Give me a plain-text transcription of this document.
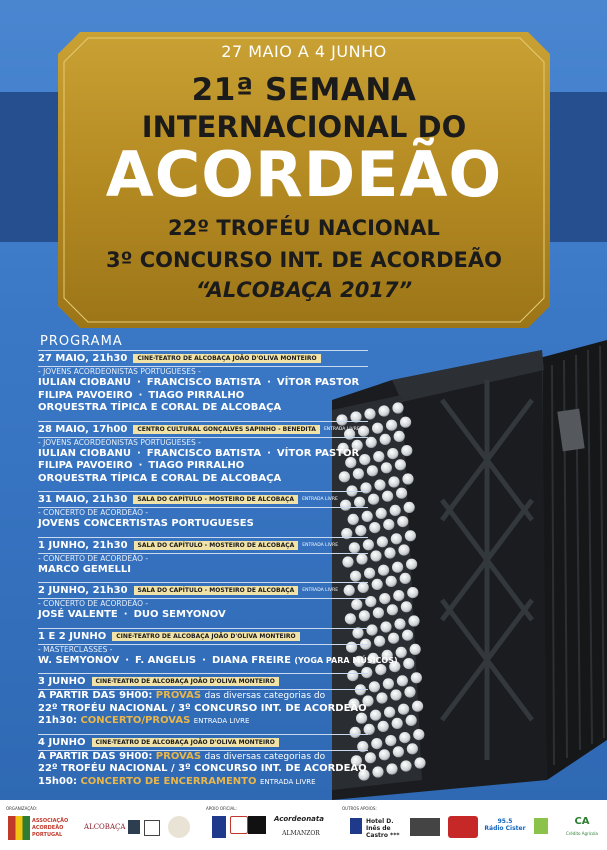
27 MAIO A 4 JUNHO
21ª SEMANA
INTERNACIONAL DO
ACORDEÃO
22º TROFÉU NACIONAL
3º CONCURSO INT. DE ACORDEÃO
“ALCOBAÇA 2017”
PROGRAMA
27 MAIO, 21h30	CINE-TEATRO DE ALCOBAÇA JOÃO D'OLIVA MONTEIRO
- JOVENS ACORDEONISTAS PORTUGUESES -
IULIAN CIOBANU · FRANCISCO BATISTA · VÍTOR PASTOR
FILIPA PAVOEIRO · TIAGO PIRRALHO
ORQUESTRA TÍPICA E CORAL DE ALCOBAÇA
28 MAIO, 17h00	CENTRO CULTURAL GONÇALVES SAPINHO - BENEDITA	ENTRADA LIVRE
- JOVENS ACORDEONISTAS PORTUGUESES -
IULIAN CIOBANU · FRANCISCO BATISTA · VÍTOR PASTOR
FILIPA PAVOEIRO · TIAGO PIRRALHO
ORQUESTRA TÍPICA E CORAL DE ALCOBAÇA
31 MAIO, 21h30	SALA DO CAPÍTULO - MOSTEIRO DE ALCOBAÇA	ENTRADA LIVRE
- CONCERTO DE ACORDEÃO -
JOVENS CONCERTISTAS PORTUGUESES
1 JUNHO, 21h30	SALA DO CAPÍTULO - MOSTEIRO DE ALCOBAÇA	ENTRADA LIVRE
- CONCERTO DE ACORDEÃO -
MARCO GEMELLI
2 JUNHO, 21h30	SALA DO CAPÍTULO - MOSTEIRO DE ALCOBAÇA	ENTRADA LIVRE
- CONCERTO DE ACORDEÃO -
JOSÉ VALENTE · DUO SEMYONOV
1 E 2 JUNHO	CINE-TEATRO DE ALCOBAÇA JOÃO D'OLIVA MONTEIRO
- MASTERCLASSES -
W. SEMYONOV · F. ANGELIS · DIANA FREIRE (YOGA PARA MÚSICOS)
3 JUNHO	CINE-TEATRO DE ALCOBAÇA JOÃO D'OLIVA MONTEIRO
A PARTIR DAS 9H00: PROVAS das diversas categorias do
22º TROFÉU NACIONAL / 3º CONCURSO INT. DE ACORDEÃO
21h30: CONCERTO/PROVAS ENTRADA LIVRE
4 JUNHO	CINE-TEATRO DE ALCOBAÇA JOÃO D'OLIVA MONTEIRO
A PARTIR DAS 9H00: PROVAS das diversas categorias do
22º TROFÉU NACIONAL / 3º CONCURSO INT. DE ACORDEÃO
15h00: CONCERTO DE ENCERRAMENTO ENTRADA LIVRE
ORGANIZAÇÃO:	APOIO OFICIAL:	OUTROS APOIOS:
ASSOCIAÇÃO ACORDEÃO PORTUGAL
ALCOBAÇA
Acordeonata
ALMANZOR
Hotel D. Inês de Castro ***
95.5
Rádio Cister
CA
Crédito Agrícola
